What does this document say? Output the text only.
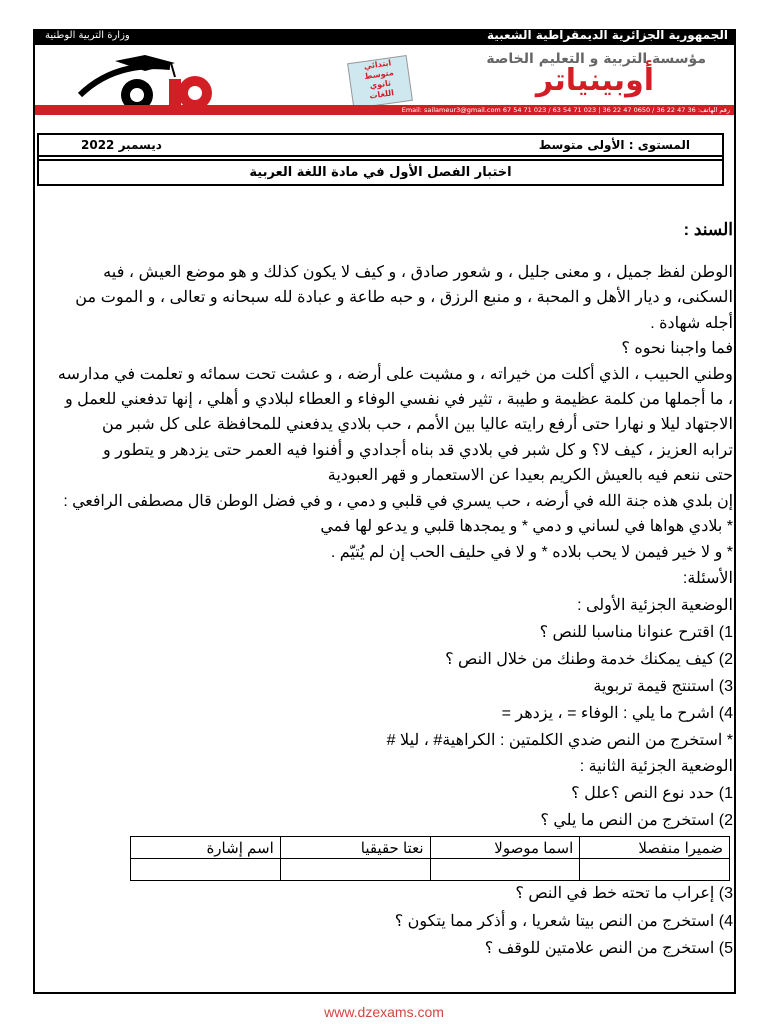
الجمهورية الجزائرية الديمقراطية الشعبية
وزارة التربية الوطنية
ابتدائي
متوسط
ثانوي
اللغات
مؤسسة التربية و التعليم الخاصة
أوبينياتر
رقم الهاتف: 36 47 22 36 / 0650 47 22 36 | 023 71 54 63 / 023 71 54 67 Email: sailameur3@gmail.com
المستوى : الأولى متوسط
ديسمبر 2022
اختبار الفصل الأول في مادة اللغة العربية
السند :
الوطن لفظ جميل ، و معنى جليل ، و شعور صادق ، و كيف لا يكون كذلك و هو موضع العيش ، فيه
السكنى، و ديار الأهل و المحبة ، و منبع الرزق ، و حبه طاعة و عبادة لله سبحانه و تعالى ، و الموت من
أجله شهادة .
فما واجبنا نحوه ؟
وطني الحبيب ، الذي أكلت من خيراته ، و مشيت على أرضه ، و عشت تحت سمائه و تعلمت في مدارسه
، ما أجملها من كلمة عظيمة و طيبة ، تثير في نفسي الوفاء و العطاء لبلادي و أهلي ، إنها تدفعني للعمل و
الاجتهاد ليلا و نهارا حتى أرفع رايته عاليا بين الأمم ، حب بلادي يدفعني للمحافظة على كل شبر من
ترابه العزيز ، كيف لا؟ و كل شبر في بلادي قد بناه أجدادي و أفنوا فيه العمر حتى يزدهر و يتطور و
حتى ننعم فيه بالعيش الكريم بعيدا عن الاستعمار و قهر العبودية
إن بلدي هذه جنة الله في أرضه ، حب يسري في قلبي و دمي ، و في فضل الوطن قال مصطفى الرافعي :
* بلادي هواها في لساني و دمي * و يمجدها قلبي و يدعو لها فمي
* و لا خير فيمن لا يحب بلاده * و لا في حليف الحب إن لم يُتيّم .
الأسئلة:
الوضعية الجزئية الأولى :
1) اقترح عنوانا مناسبا للنص ؟
2) كيف يمكنك خدمة وطنك من خلال النص ؟
3) استنتج قيمة تربوية
4) اشرح ما يلي : الوفاء = ، يزدهر =
* استخرج من النص ضدي الكلمتين : الكراهية# ، ليلا #
الوضعية الجزئية الثانية :
1) حدد نوع النص ؟علل ؟
2) استخرج من النص ما يلي ؟
3) إعراب ما تحته خط في النص ؟
4) استخرج من النص بيتا شعريا ، و أذكر مما يتكون ؟
5) استخرج من النص علامتين للوقف ؟
ضميرا منفصلا	اسما موصولا	نعتا حقيقيا	اسم إشارة

www.dzexams.com
